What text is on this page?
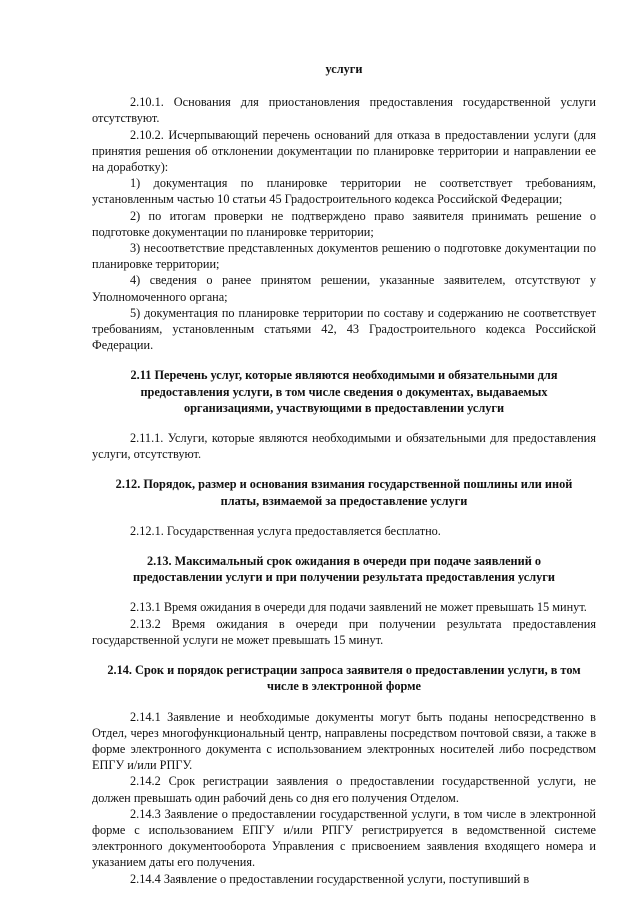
услуги

2.10.1. Основания для приостановления предоставления государственной услуги отсутствуют.

2.10.2. Исчерпывающий перечень оснований для отказа в предоставлении услуги (для принятия решения об отклонении документации по планировке территории и направлении ее на доработку):

1) документация по планировке территории не соответствует требованиям, установленным частью 10 статьи 45 Градостроительного кодекса Российской Федерации;

2) по итогам проверки не подтверждено право заявителя принимать решение о подготовке документации по планировке территории;

3) несоответствие представленных документов решению о подготовке документации по планировке территории;

4) сведения о ранее принятом решении, указанные заявителем, отсутствуют у Уполномоченного органа;

5) документация по планировке территории по составу и содержанию не соответствует требованиям, установленным статьями 42, 43 Градостроительного кодекса Российской Федерации.

2.11 Перечень услуг, которые являются необходимыми и обязательными для предоставления услуги, в том числе сведения о документах, выдаваемых организациями, участвующими в предоставлении услуги

2.11.1. Услуги, которые являются необходимыми и обязательными для предоставления услуги, отсутствуют.

2.12. Порядок, размер и основания взимания государственной пошлины или иной платы, взимаемой за предоставление услуги

2.12.1. Государственная услуга предоставляется бесплатно.

2.13. Максимальный срок ожидания в очереди при подаче заявлений о предоставлении услуги и при получении результата предоставления услуги

2.13.1 Время ожидания в очереди для подачи заявлений не может превышать 15 минут.

2.13.2 Время ожидания в очереди при получении результата предоставления государственной услуги не может превышать 15 минут.

2.14. Срок и порядок регистрации запроса заявителя о предоставлении услуги, в том числе в электронной форме

2.14.1 Заявление и необходимые документы могут быть поданы непосредственно в Отдел, через многофункциональный центр, направлены посредством почтовой связи, а также в форме электронного документа с использованием электронных носителей либо посредством ЕПГУ и/или РПГУ.

2.14.2 Срок регистрации заявления о предоставлении государственной услуги, не должен превышать один рабочий день со дня его получения Отделом.

2.14.3 Заявление о предоставлении государственной услуги, в том числе в электронной форме с использованием ЕПГУ и/или РПГУ регистрируется в ведомственной системе электронного документооборота Управления с присвоением заявления входящего номера и указанием даты его получения.

2.14.4 Заявление о предоставлении государственной услуги, поступивший в
